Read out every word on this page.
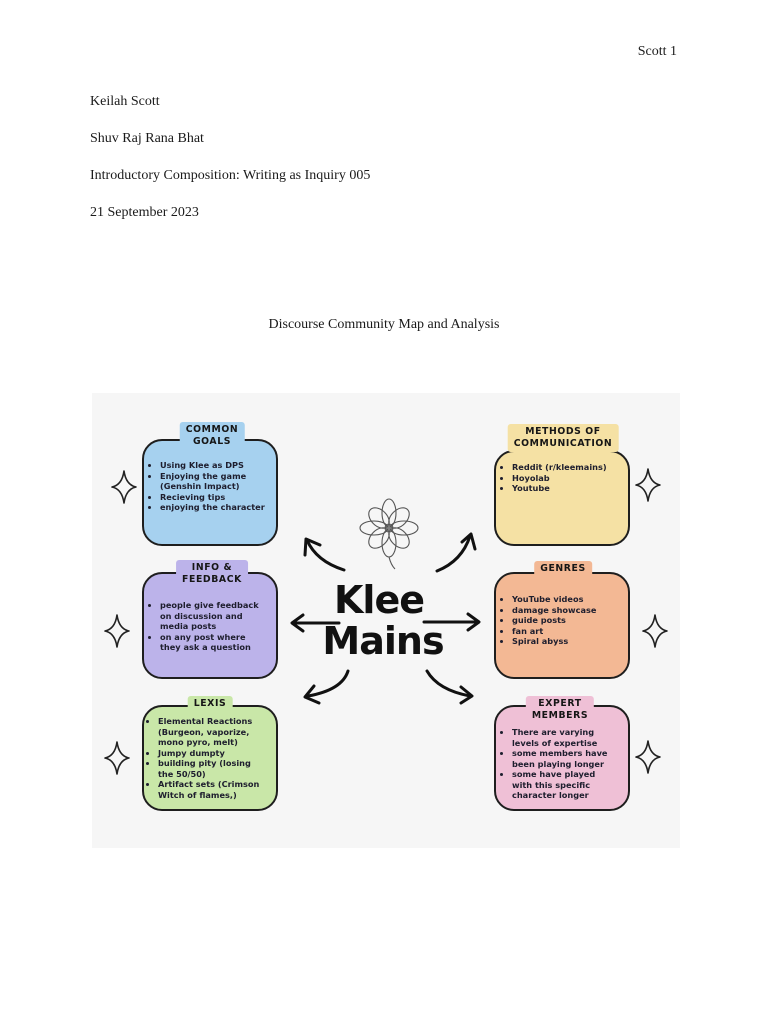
Scott 1
Keilah Scott
Shuv Raj Rana Bhat
Introductory Composition: Writing as Inquiry 005
21 September 2023
Discourse Community Map and Analysis
Klee
Mains
• Using Klee as DPS
• Enjoying the game (Genshin Impact)
• Recieving tips
• enjoying the character
COMMON
GOALS
• Reddit (r/kleemains)
• Hoyolab
• Youtube
METHODS OF
COMMUNICATION
• people give feedback on discussion and media posts
• on any post where they ask a question
INFO &
FEEDBACK
• YouTube videos
• damage showcase
• guide posts
• fan art
• Spiral abyss
GENRES
• Elemental Reactions (Burgeon, vaporize, mono pyro, melt)
• Jumpy dumpty
• building pity (losing the 50/50)
• Artifact sets (Crimson Witch of flames,)
LEXIS
• There are varying levels of expertise
• some members have been playing longer
• some have played with this specific character longer
EXPERT
MEMBERS
